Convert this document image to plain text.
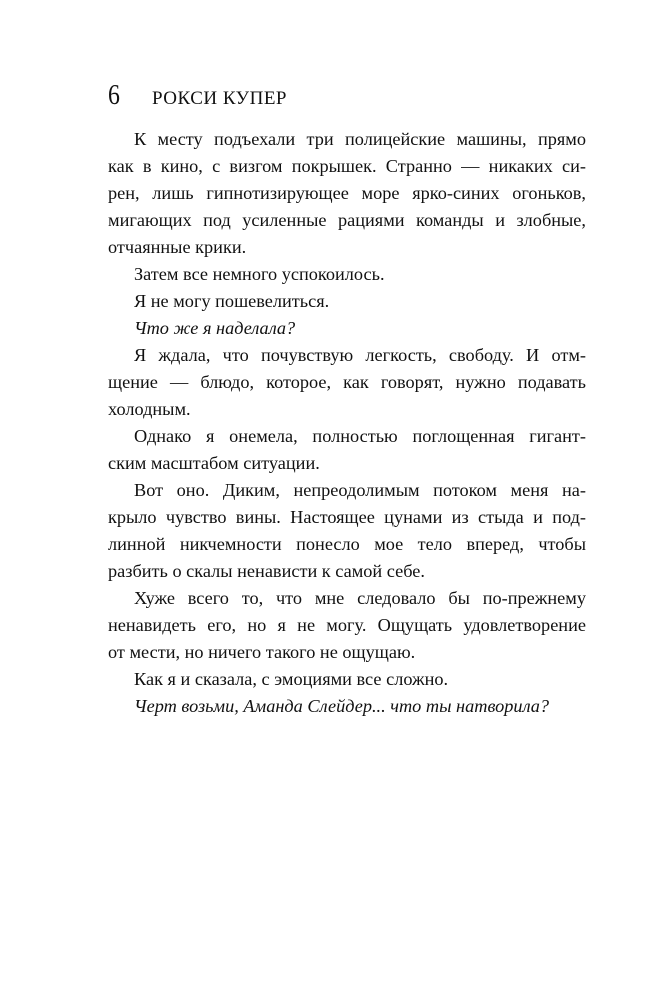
6 РОКСИ КУПЕР
К месту подъехали три полицейские машины, прямо
как в кино, с визгом покрышек. Странно — никаких си-
рен, лишь гипнотизирующее море ярко-синих огоньков,
мигающих под усиленные рациями команды и злобные,
отчаянные крики.
Затем все немного успокоилось.
Я не могу пошевелиться.
Что же я наделала?
Я ждала, что почувствую легкость, свободу. И отм-
щение — блюдо, которое, как говорят, нужно подавать
холодным.
Однако я онемела, полностью поглощенная гигант-
ским масштабом ситуации.
Вот оно. Диким, непреодолимым потоком меня на-
крыло чувство вины. Настоящее цунами из стыда и под-
линной никчемности понесло мое тело вперед, чтобы
разбить о скалы ненависти к самой себе.
Хуже всего то, что мне следовало бы по-прежнему
ненавидеть его, но я не могу. Ощущать удовлетворение
от мести, но ничего такого не ощущаю.
Как я и сказала, с эмоциями все сложно.
Черт возьми, Аманда Слейдер... что ты натворила?
